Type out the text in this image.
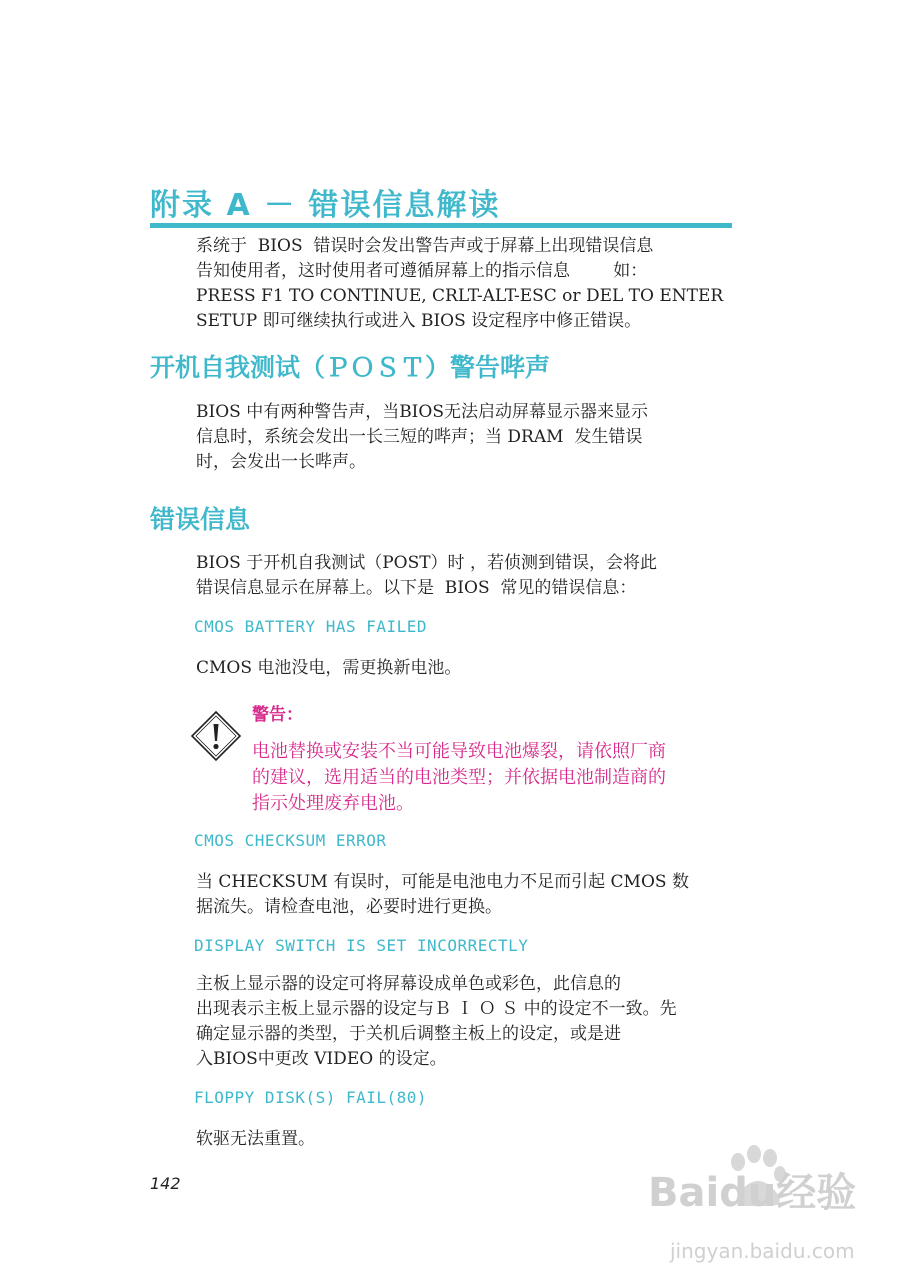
附录 A － 错误信息解读
系统于  BIOS  错误时会发出警告声或于屏幕上出现错误信息
告知使用者，这时使用者可遵循屏幕上的指示信息        如：
PRESS F1 TO CONTINUE, CRLT-ALT-ESC or DEL TO ENTER
SETUP 即可继续执行或进入 BIOS 设定程序中修正错误。
开机自我测试（ＰＯＳＴ）警告哔声
BIOS 中有两种警告声，当BIOS无法启动屏幕显示器来显示
信息时，系统会发出一长三短的哔声；当 DRAM  发生错误
时，会发出一长哔声。
错误信息
BIOS 于开机自我测试（POST）时 ，若侦测到错误，会将此
错误信息显示在屏幕上。以下是  BIOS  常见的错误信息：

CMOS BATTERY HAS FAILED

CMOS 电池没电，需更换新电池。

警告：

电池替换或安装不当可能导致电池爆裂，请依照厂商
的建议，选用适当的电池类型；并依据电池制造商的
指示处理废弃电池。

CMOS CHECKSUM ERROR

当 CHECKSUM 有误时，可能是电池电力不足而引起 CMOS 数
据流失。请检查电池，必要时进行更换。

DISPLAY SWITCH IS SET INCORRECTLY

主板上显示器的设定可将屏幕设成单色或彩色，此信息的
出现表示主板上显示器的设定与Ｂ Ｉ Ｏ Ｓ 中的设定不一致。先
确定显示器的类型，于关机后调整主板上的设定，或是进
入BIOS中更改 VIDEO 的设定。

FLOPPY DISK(S) FAIL(80)

软驱无法重置。

142	Baidu经验
jingyan.baidu.com
